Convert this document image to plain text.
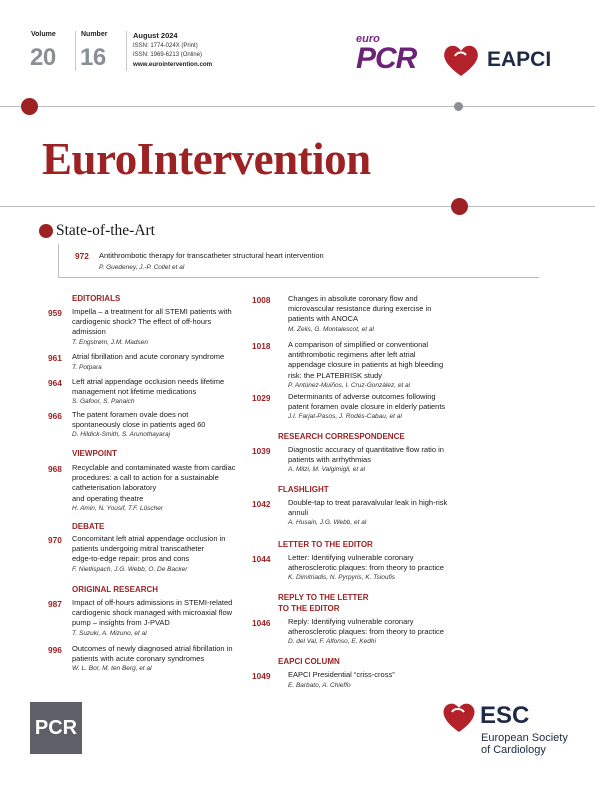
Volume
20
Number
16
August 2024
ISSN: 1774-024X (Print)
ISSN: 1969-6213 (Online)
www.eurointervention.com
euro
PCR	EAPCI
EuroIntervention
State-of-the-Art
972 Antithrombotic therapy for transcatheter structural heart intervention
P. Guedeney, J.-P. Collet et al
EDITORIALS
959 Impella – a treatment for all STEMI patients with
cardiogenic shock? The effect of off-hours
admission
T. Engstrøm, J.M. Madsen
961 Atrial fibrillation and acute coronary syndrome
T. Potpara
964 Left atrial appendage occlusion needs lifetime
management not lifetime medications
S. Gafoor, S. Panaich
966 The patent foramen ovale does not
spontaneously close in patients aged 60
D. Hildick-Smith, S. Arunothayaraj
VIEWPOINT
968 Recyclable and contaminated waste from cardiac
procedures: a call to action for a sustainable
catheterisation laboratory
and operating theatre
H. Amin, N. Yousif, T.F. Lüscher
DEBATE
970 Concomitant left atrial appendage occlusion in
patients undergoing mitral transcatheter
edge-to-edge repair: pros and cons
F. Nietlispach, J.G. Webb, O. De Backer
ORIGINAL RESEARCH
987 Impact of off-hours admissions in STEMI-related
cardiogenic shock managed with microaxial flow
pump – insights from J-PVAD
T. Suzuki, A. Mizuno, et al
996 Outcomes of newly diagnosed atrial fibrillation in
patients with acute coronary syndromes
W. L. Bor, M. ten Berg, et al
1008 Changes in absolute coronary flow and
microvascular resistance during exercise in
patients with ANOCA
M. Zelis, G. Montalescot, et al
1018 A comparison of simplified or conventional
antithrombotic regimens after left atrial
appendage closure in patients at high bleeding
risk: the PLATEBRISK study
P. Antúnez-Muiños, I. Cruz-González, et al
1029 Determinants of adverse outcomes following
patent foramen ovale closure in elderly patients
J.I. Farjat-Pasos, J. Rodés-Cabau, et al
RESEARCH CORRESPONDENCE
1039 Diagnostic accuracy of quantitative flow ratio in
patients with arrhythmias
A. Milzi, M. Valgimigli, et al
FLASHLIGHT
1042 Double-tap to treat paravalvular leak in high-risk
annuli
A. Husain, J.G. Webb, et al
LETTER TO THE EDITOR
1044 Letter: Identifying vulnerable coronary
atherosclerotic plaques: from theory to practice
K. Dimitriadis, N. Pyrpyris, K. Tsioufis
REPLY TO THE LETTER
TO THE EDITOR
1046 Reply: Identifying vulnerable coronary
atherosclerotic plaques: from theory to practice
D. del Val, F. Alfonso, E. Kedhi
EAPCI COLUMN
1049 EAPCI Presidential “criss-cross”
E. Barbato, A. Chieffo
PCR	ESC
European Society
of Cardiology
